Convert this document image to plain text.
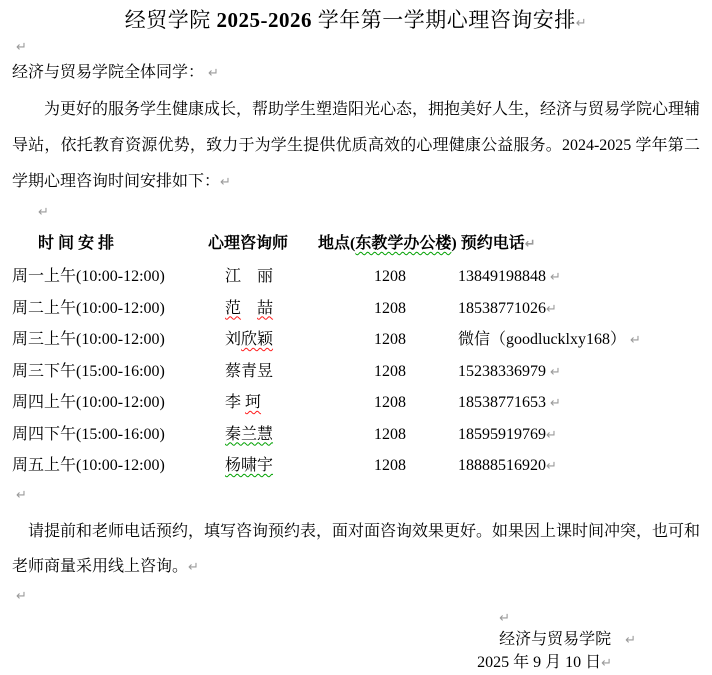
经贸学院 2025-2026 学年第一学期心理咨询安排↵
↵
经济与贸易学院全体同学： ↵
为更好的服务学生健康成长，帮助学生塑造阳光心态，拥抱美好人生，经济与贸易学院心理辅导站，依托教育资源优势，致力于为学生提供优质高效的心理健康公益服务。2024-2025 学年第二学期心理咨询时间安排如下：↵
↵
时 间 安 排	心理咨询师 地点(东教学办公楼) 预约电话↵
周一上午(10:00-12:00)	江　丽	1208	13849198848 ↵
周二上午(10:00-12:00)	范　 喆	1208	18538771026↵
周三上午(10:00-12:00)	刘欣颖	1208	微信（goodlucklxy168） ↵
周三下午(15:00-16:00)	蔡青昱	1208	15238336979 ↵
周四上午(10:00-12:00)	李 珂	1208	18538771653 ↵
周四下午(15:00-16:00)	秦兰慧	1208	18595919769↵
周五上午(10:00-12:00)	杨啸宇	1208	18888516920↵
↵
请提前和老师电话预约，填写咨询预约表，面对面咨询效果更好。如果因上课时间冲突，也可和老师商量采用线上咨询。↵
↵
↵
经济与贸易学院 ↵
2025 年 9 月 10 日↵
